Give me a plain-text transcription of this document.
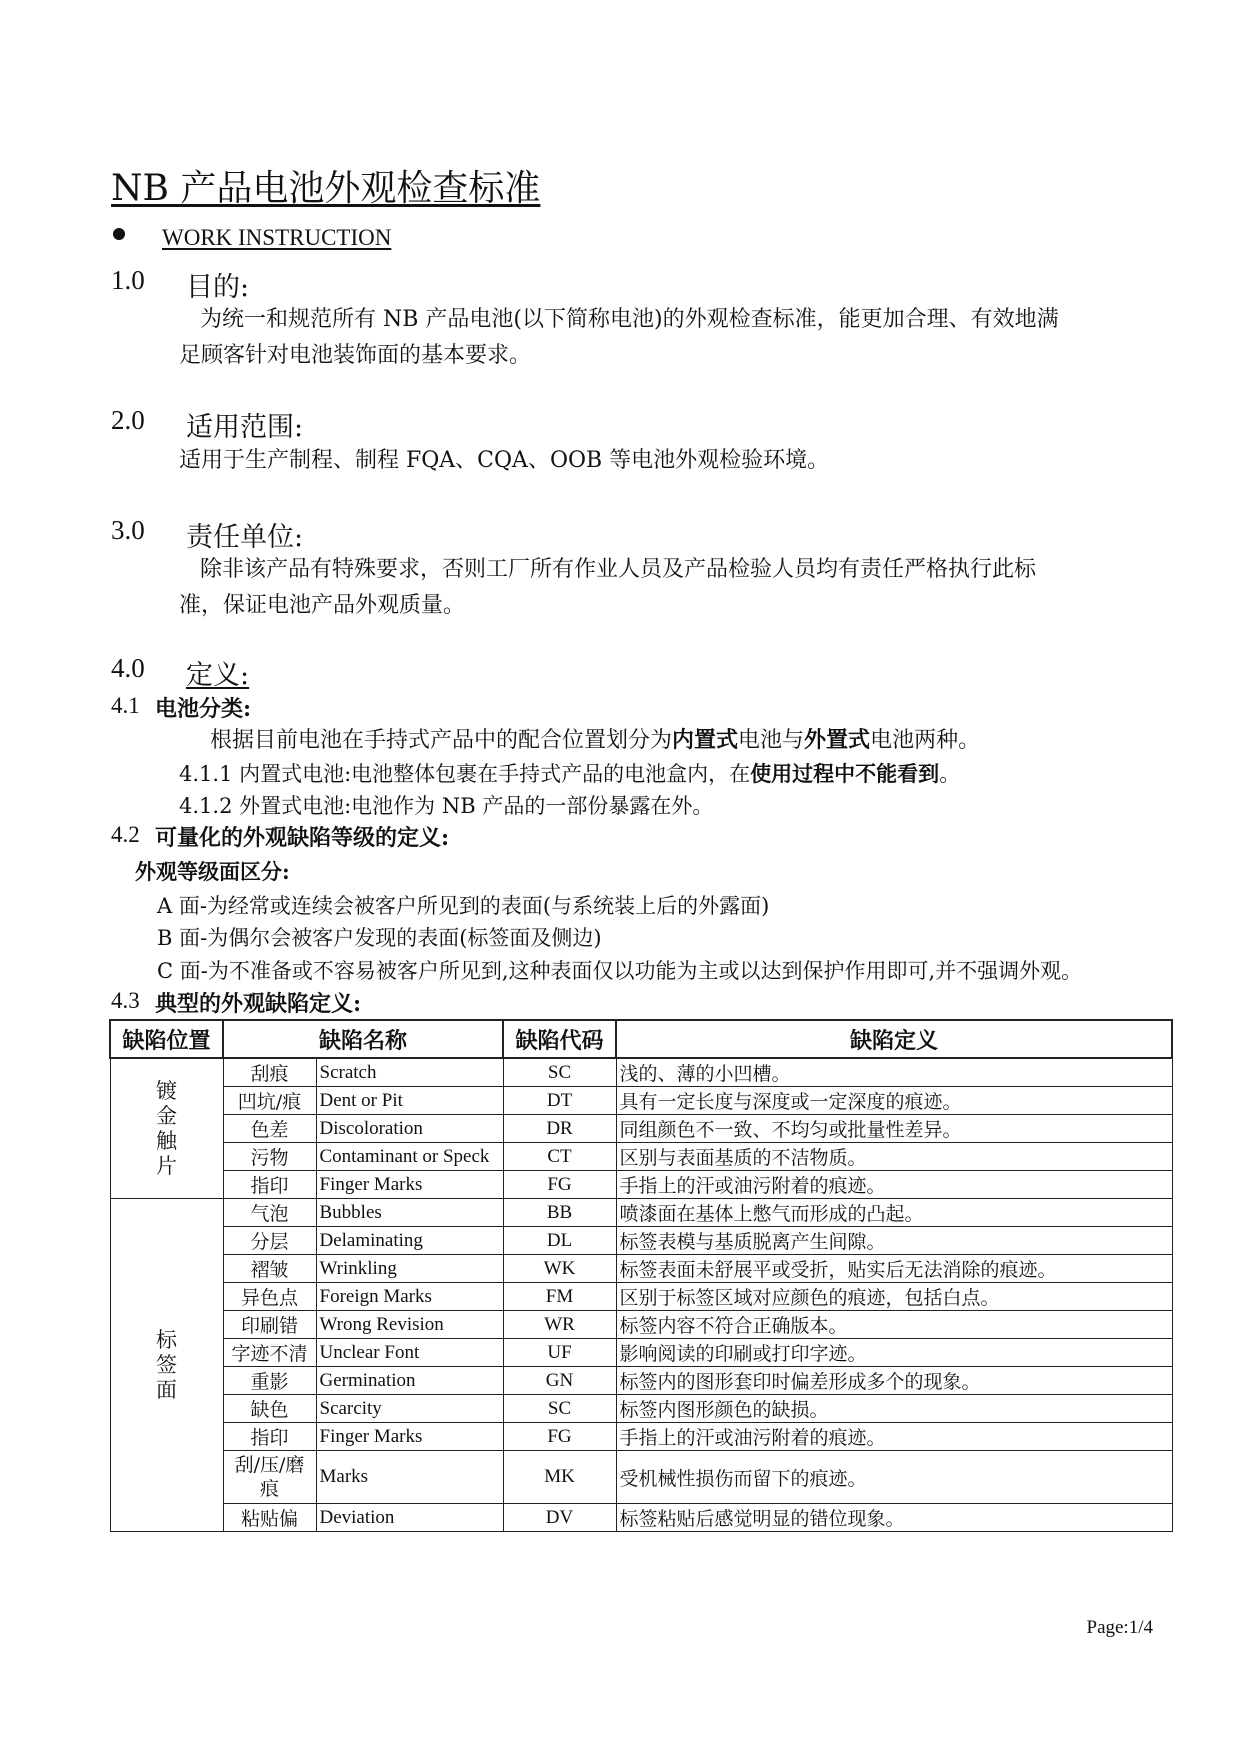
NB 产品电池外观检查标准
WORK INSTRUCTION
1.0 目的:
为统一和规范所有 NB 产品电池(以下简称电池)的外观检查标准，能更加合理、有效地满
足顾客针对电池装饰面的基本要求。
2.0 适用范围:
适用于生产制程、制程 FQA、CQA、OOB 等电池外观检验环境。
3.0 责任单位:
除非该产品有特殊要求，否则工厂所有作业人员及产品检验人员均有责任严格执行此标
准，保证电池产品外观质量。
4.0 定义:
4.1 电池分类:
根据目前电池在手持式产品中的配合位置划分为内置式电池与外置式电池两种。
4.1.1 内置式电池:电池整体包裹在手持式产品的电池盒内，在使用过程中不能看到。
4.1.2 外置式电池:电池作为 NB 产品的一部份暴露在外。
4.2 可量化的外观缺陷等级的定义:
外观等级面区分:
A 面-为经常或连续会被客户所见到的表面(与系统装上后的外露面)
B 面-为偶尔会被客户发现的表面(标签面及侧边)
C 面-为不准备或不容易被客户所见到,这种表面仅以功能为主或以达到保护作用即可,并不强调外观。
4.3 典型的外观缺陷定义:
缺陷位置	缺陷名称		缺陷代码	缺陷定义
镀金触片	刮痕	Scratch	SC	浅的、薄的小凹槽。
	凹坑/痕	Dent or Pit	DT	具有一定长度与深度或一定深度的痕迹。
	色差	Discoloration	DR	同组颜色不一致、不均匀或批量性差异。
	污物	Contaminant or Speck	CT	区别与表面基质的不洁物质。
	指印	Finger Marks	FG	手指上的汗或油污附着的痕迹。
标签面	气泡	Bubbles	BB	喷漆面在基体上憋气而形成的凸起。
	分层	Delaminating	DL	标签表模与基质脱离产生间隙。
	褶皱	Wrinkling	WK	标签表面未舒展平或受折，贴实后无法消除的痕迹。
	异色点	Foreign Marks	FM	区别于标签区域对应颜色的痕迹，包括白点。
	印刷错	Wrong Revision	WR	标签内容不符合正确版本。
	字迹不清	Unclear Font	UF	影响阅读的印刷或打印字迹。
	重影	Germination	GN	标签内的图形套印时偏差形成多个的现象。
	缺色	Scarcity	SC	标签内图形颜色的缺损。
	指印	Finger Marks	FG	手指上的汗或油污附着的痕迹。
	刮/压/磨痕	Marks	MK	受机械性损伤而留下的痕迹。
	粘贴偏	Deviation	DV	标签粘贴后感觉明显的错位现象。
Page:1/4
